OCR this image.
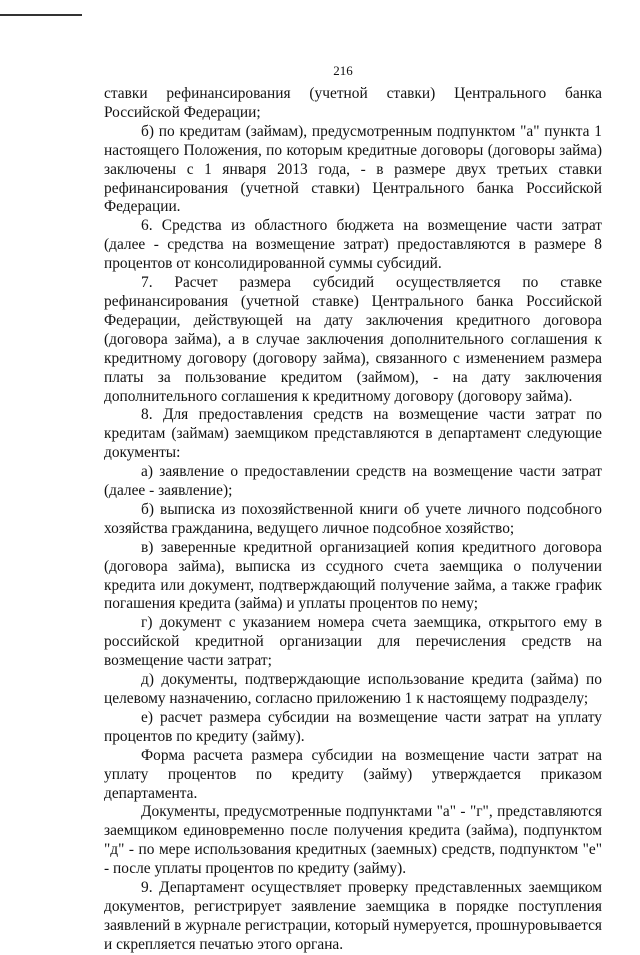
216

ставки рефинансирования (учетной ставки) Центрального банка Российской Федерации;

б) по кредитам (займам), предусмотренным подпунктом "а" пункта 1 настоящего Положения, по которым кредитные договоры (договоры займа) заключены с 1 января 2013 года, - в размере двух третьих ставки рефинансирования (учетной ставки) Центрального банка Российской Федерации.

6. Средства из областного бюджета на возмещение части затрат (далее - средства на возмещение затрат) предоставляются в размере 8 процентов от консолидированной суммы субсидий.

7. Расчет размера субсидий осуществляется по ставке рефинансирования (учетной ставке) Центрального банка Российской Федерации, действующей на дату заключения кредитного договора (договора займа), а в случае заключения дополнительного соглашения к кредитному договору (договору займа), связанного с изменением размера платы за пользование кредитом (займом), - на дату заключения дополнительного соглашения к кредитному договору (договору займа).

8. Для предоставления средств на возмещение части затрат по кредитам (займам) заемщиком представляются в департамент следующие документы:

а) заявление о предоставлении средств на возмещение части затрат (далее - заявление);

б) выписка из похозяйственной книги об учете личного подсобного хозяйства гражданина, ведущего личное подсобное хозяйство;

в) заверенные кредитной организацией копия кредитного договора (договора займа), выписка из ссудного счета заемщика о получении кредита или документ, подтверждающий получение займа, а также график погашения кредита (займа) и уплаты процентов по нему;

г) документ с указанием номера счета заемщика, открытого ему в российской кредитной организации для перечисления средств на возмещение части затрат;

д) документы, подтверждающие использование кредита (займа) по целевому назначению, согласно приложению 1 к настоящему подразделу;

е) расчет размера субсидии на возмещение части затрат на уплату процентов по кредиту (займу).

Форма расчета размера субсидии на возмещение части затрат на уплату процентов по кредиту (займу) утверждается приказом департамента.

Документы, предусмотренные подпунктами "а" - "г", представляются заемщиком единовременно после получения кредита (займа), подпунктом "д" - по мере использования кредитных (заемных) средств, подпунктом "е" - после уплаты процентов по кредиту (займу).

9. Департамент осуществляет проверку представленных заемщиком документов, регистрирует заявление заемщика в порядке поступления заявлений в журнале регистрации, который нумеруется, прошнуровывается и скрепляется печатью этого органа.
